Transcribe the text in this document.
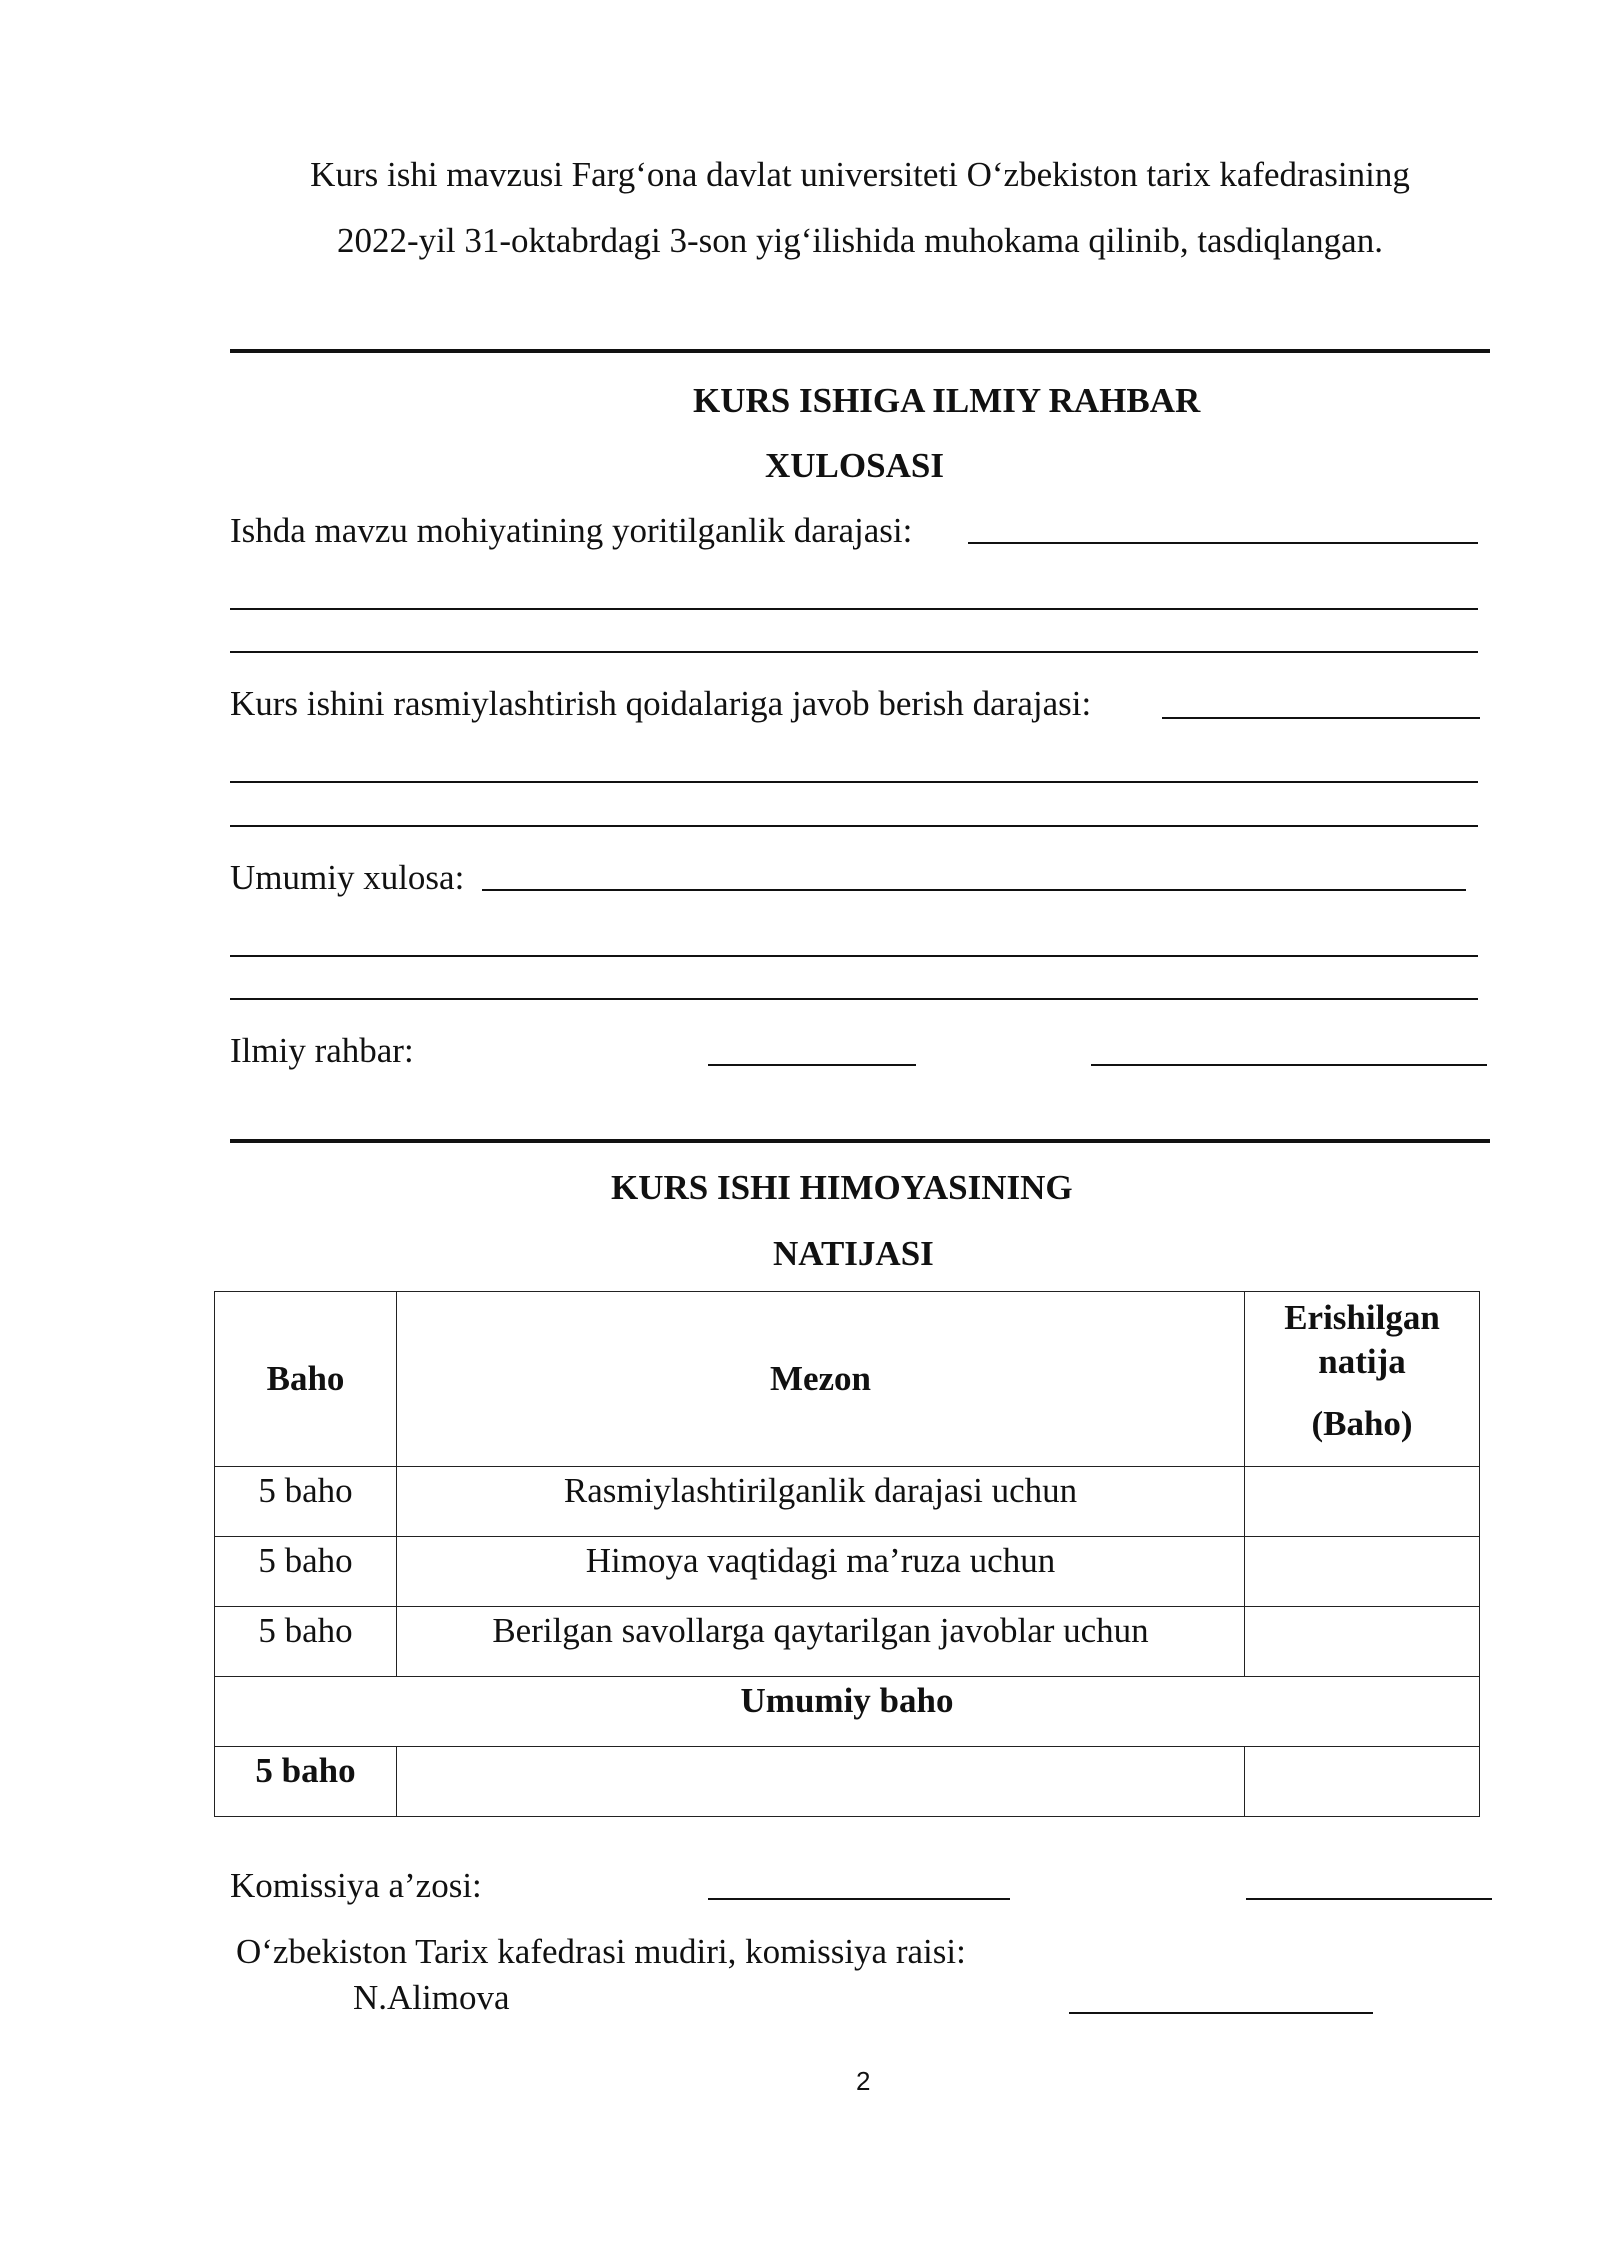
Kurs ishi mavzusi Farg‘ona davlat universiteti O‘zbekiston tarix kafedrasining
2022-yil 31-oktabrdagi 3-son yig‘ilishida muhokama qilinib, tasdiqlangan.
KURS ISHIGA ILMIY RAHBAR
XULOSASI
Ishda mavzu mohiyatining yoritilganlik darajasi:
Kurs ishini rasmiylashtirish qoidalariga javob berish darajasi:
Umumiy xulosa:
Ilmiy rahbar:
KURS ISHI HIMOYASINING
NATIJASI
Baho	Mezon	Erishilgan
natija
(Baho)

5 baho	Rasmiylashtirilganlik darajasi uchun	
5 baho	Himoya vaqtidagi ma’ruza uchun	
5 baho	Berilgan savollarga qaytarilgan javoblar uchun	
Umumiy baho		
5 baho		
Komissiya a’zosi:
O‘zbekiston Tarix kafedrasi mudiri, komissiya raisi:
N.Alimova
2
